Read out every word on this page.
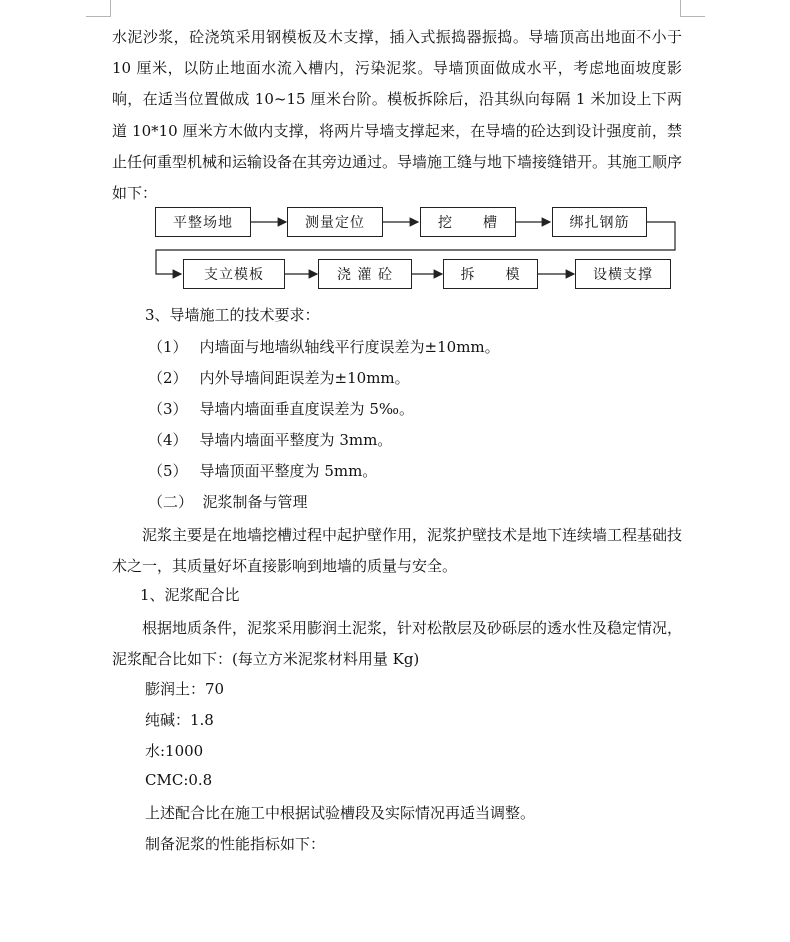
水泥沙浆，砼浇筑采用钢模板及木支撑，插入式振捣器振捣。导墙顶高出地面不小于 10 厘米，以防止地面水流入槽内，污染泥浆。导墙顶面做成水平，考虑地面坡度影响，在适当位置做成 10~15 厘米台阶。模板拆除后，沿其纵向每隔 1 米加设上下两道 10*10 厘米方木做内支撑，将两片导墙支撑起来，在导墙的砼达到设计强度前，禁止任何重型机械和运输设备在其旁边通过。导墙施工缝与地下墙接缝错开。其施工顺序如下：

平整场地	测量定位	挖　　槽	绑扎钢筋
支立模板	浇 灌 砼	拆　　模	设横支撑
3、导墙施工的技术要求：
（1） 内墙面与地墙纵轴线平行度误差为±10mm。
（2） 内外导墙间距误差为±10mm。
（3） 导墙内墙面垂直度误差为 5‰。
（4） 导墙内墙面平整度为 3mm。
（5） 导墙顶面平整度为 5mm。
（二）  泥浆制备与管理

泥浆主要是在地墙挖槽过程中起护壁作用，泥浆护壁技术是地下连续墙工程基础技术之一，其质量好坏直接影响到地墙的质量与安全。

1、泥浆配合比

根据地质条件，泥浆采用膨润土泥浆，针对松散层及砂砾层的透水性及稳定情况，泥浆配合比如下：(每立方米泥浆材料用量 Kg)

膨润土：70
纯碱：1.8
水:1000
CMC:0.8
上述配合比在施工中根据试验槽段及实际情况再适当调整。
制备泥浆的性能指标如下：
